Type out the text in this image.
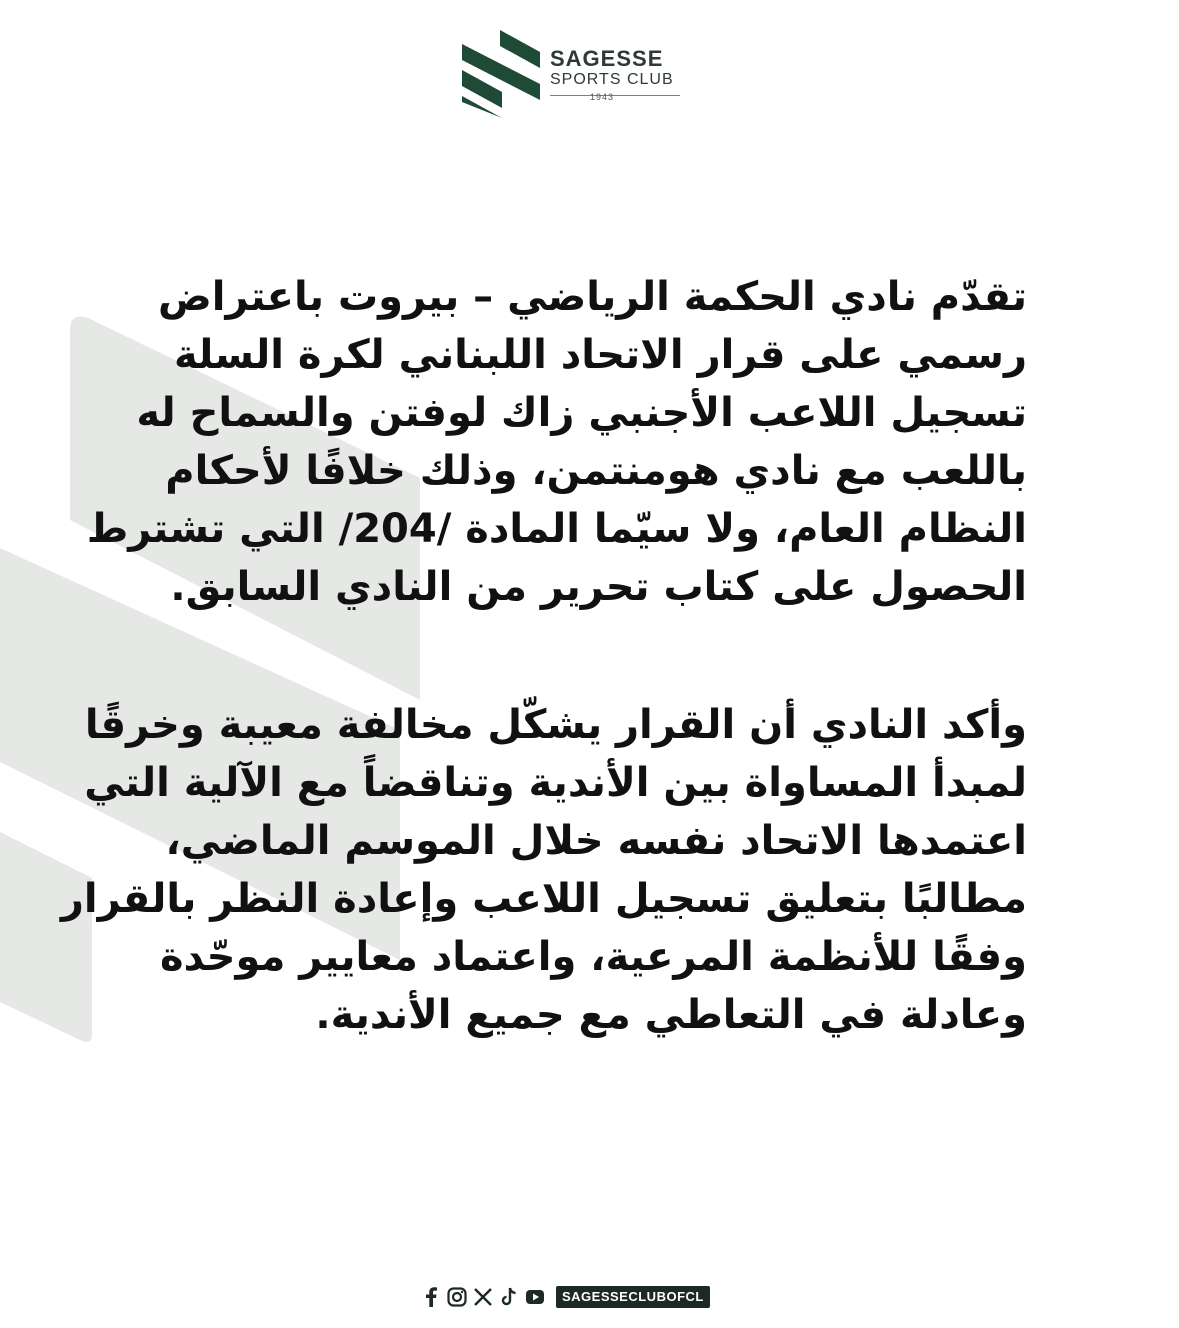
SAGESSE
SPORTS CLUB
1943
تقدّم نادي الحكمة الرياضي – بيروت باعتراض
رسمي على قرار الاتحاد اللبناني لكرة السلة
تسجيل اللاعب الأجنبي زاك لوفتن والسماح له
باللعب مع نادي هومنتمن، وذلك خلافًا لأحكام
النظام العام، ولا سيّما المادة /204/ التي تشترط
الحصول على كتاب تحرير من النادي السابق.
وأكد النادي أن القرار يشكّل مخالفة معيبة وخرقًا
لمبدأ المساواة بين الأندية وتناقضاً مع الآلية التي
اعتمدها الاتحاد نفسه خلال الموسم الماضي،
مطالبًا بتعليق تسجيل اللاعب وإعادة النظر بالقرار
وفقًا للأنظمة المرعية، واعتماد معايير موحّدة
وعادلة في التعاطي مع جميع الأندية.
SAGESSECLUBOFCL
